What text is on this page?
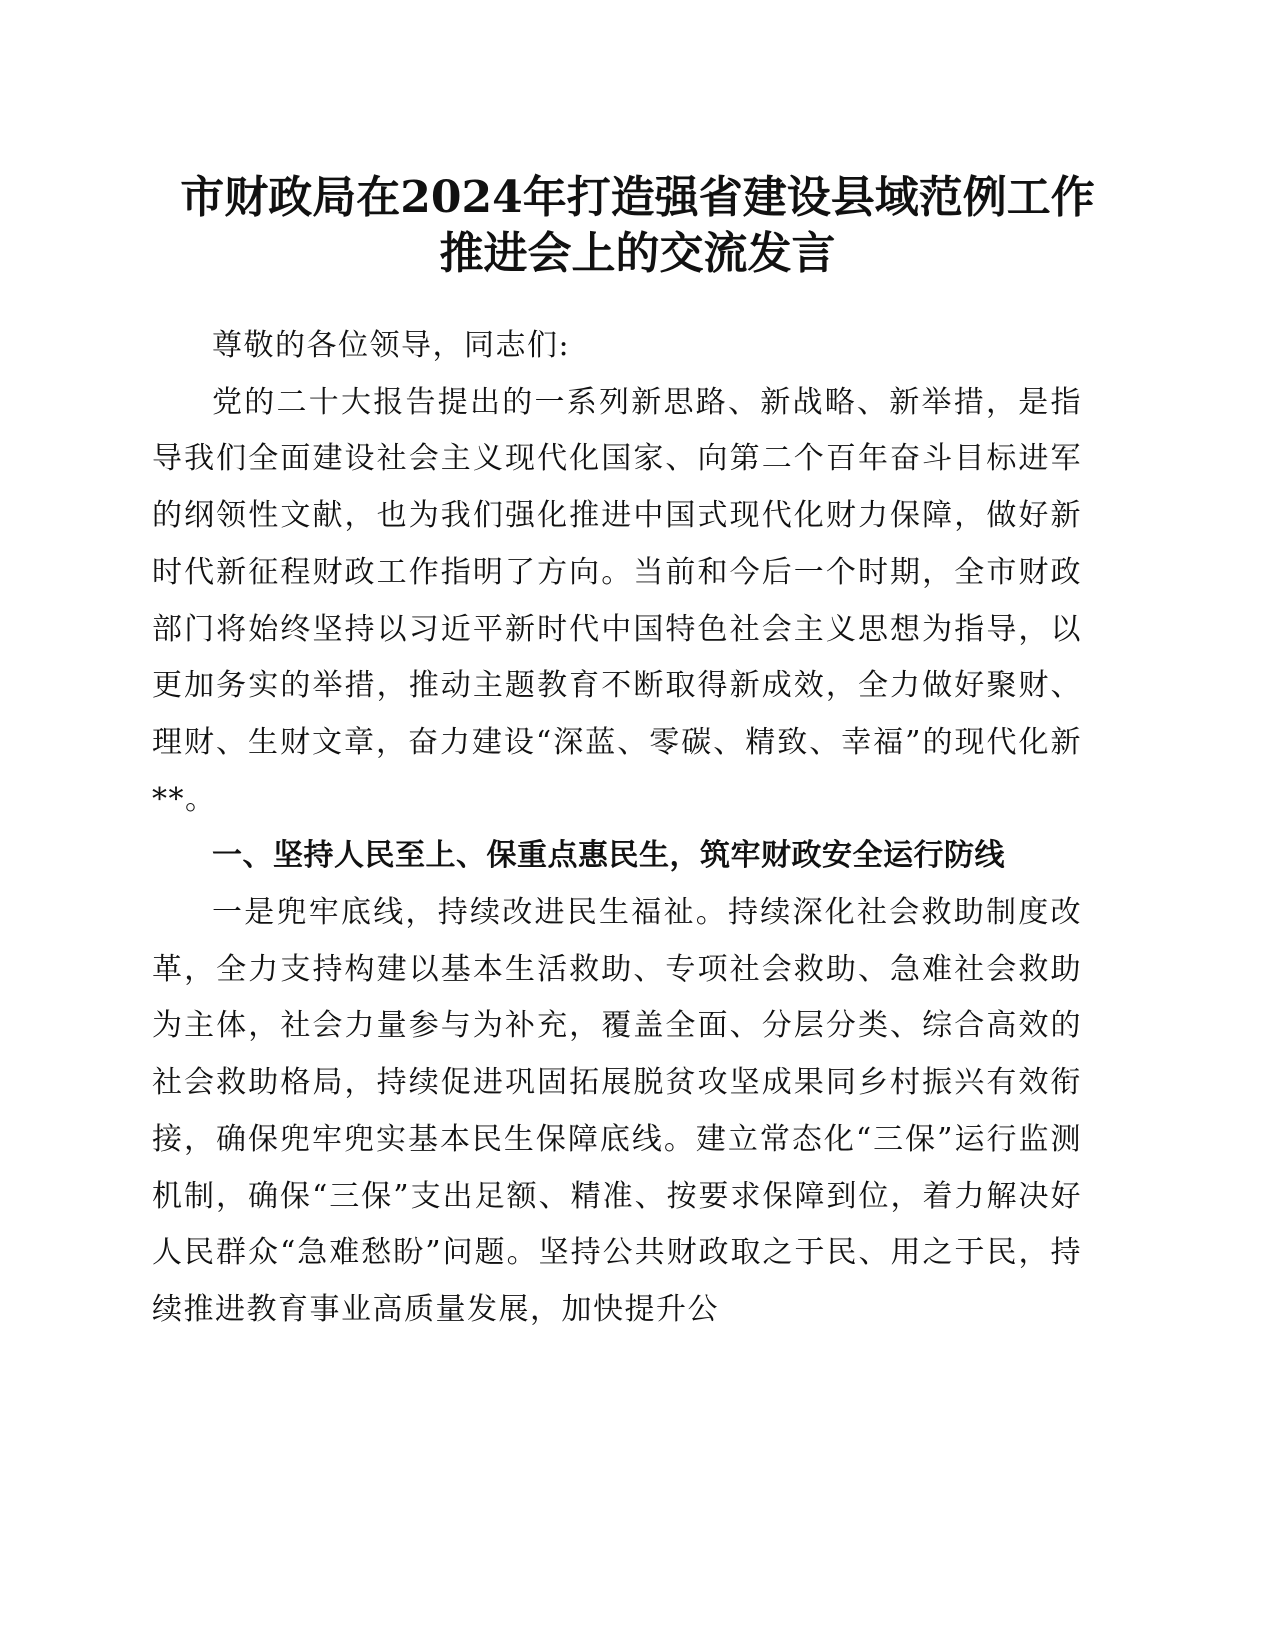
市财政局在2024年打造强省建设县域范例工作
推进会上的交流发言

尊敬的各位领导，同志们:

党的二十大报告提出的一系列新思路、新战略、新举措，是指导我们全面建设社会主义现代化国家、向第二个百年奋斗目标进军的纲领性文献，也为我们强化推进中国式现代化财力保障，做好新时代新征程财政工作指明了方向。当前和今后一个时期，全市财政部门将始终坚持以习近平新时代中国特色社会主义思想为指导，以更加务实的举措，推动主题教育不断取得新成效，全力做好聚财、理财、生财文章，奋力建设“深蓝、零碳、精致、幸福”的现代化新**。

一、坚持人民至上、保重点惠民生，筑牢财政安全运行防线

一是兜牢底线，持续改进民生福祉。持续深化社会救助制度改革，全力支持构建以基本生活救助、专项社会救助、急难社会救助为主体，社会力量参与为补充，覆盖全面、分层分类、综合高效的社会救助格局，持续促进巩固拓展脱贫攻坚成果同乡村振兴有效衔接，确保兜牢兜实基本民生保障底线。建立常态化“三保”运行监测机制，确保“三保”支出足额、精准、按要求保障到位，着力解决好人民群众“急难愁盼”问题。坚持公共财政取之于民、用之于民，持续推进教育事业高质量发展，加快提升公
